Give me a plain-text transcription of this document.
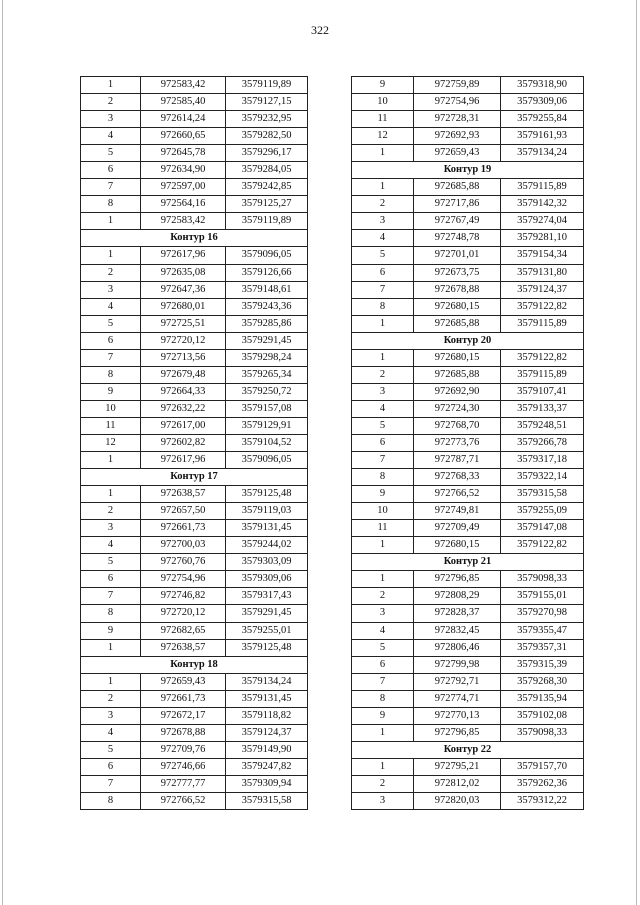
322
1	972583,42	3579119,89
2	972585,40	3579127,15
3	972614,24	3579232,95
4	972660,65	3579282,50
5	972645,78	3579296,17
6	972634,90	3579284,05
7	972597,00	3579242,85
8	972564,16	3579125,27
1	972583,42	3579119,89
Контур 16		
1	972617,96	3579096,05
2	972635,08	3579126,66
3	972647,36	3579148,61
4	972680,01	3579243,36
5	972725,51	3579285,86
6	972720,12	3579291,45
7	972713,56	3579298,24
8	972679,48	3579265,34
9	972664,33	3579250,72
10	972632,22	3579157,08
11	972617,00	3579129,91
12	972602,82	3579104,52
1	972617,96	3579096,05
Контур 17		
1	972638,57	3579125,48
2	972657,50	3579119,03
3	972661,73	3579131,45
4	972700,03	3579244,02
5	972760,76	3579303,09
6	972754,96	3579309,06
7	972746,82	3579317,43
8	972720,12	3579291,45
9	972682,65	3579255,01
1	972638,57	3579125,48
Контур 18		
1	972659,43	3579134,24
2	972661,73	3579131,45
3	972672,17	3579118,82
4	972678,88	3579124,37
5	972709,76	3579149,90
6	972746,66	3579247,82
7	972777,77	3579309,94
8	972766,52	3579315,58
9	972759,89	3579318,90
10	972754,96	3579309,06
11	972728,31	3579255,84
12	972692,93	3579161,93
1	972659,43	3579134,24
Контур 19		
1	972685,88	3579115,89
2	972717,86	3579142,32
3	972767,49	3579274,04
4	972748,78	3579281,10
5	972701,01	3579154,34
6	972673,75	3579131,80
7	972678,88	3579124,37
8	972680,15	3579122,82
1	972685,88	3579115,89
Контур 20		
1	972680,15	3579122,82
2	972685,88	3579115,89
3	972692,90	3579107,41
4	972724,30	3579133,37
5	972768,70	3579248,51
6	972773,76	3579266,78
7	972787,71	3579317,18
8	972768,33	3579322,14
9	972766,52	3579315,58
10	972749,81	3579255,09
11	972709,49	3579147,08
1	972680,15	3579122,82
Контур 21		
1	972796,85	3579098,33
2	972808,29	3579155,01
3	972828,37	3579270,98
4	972832,45	3579355,47
5	972806,46	3579357,31
6	972799,98	3579315,39
7	972792,71	3579268,30
8	972774,71	3579135,94
9	972770,13	3579102,08
1	972796,85	3579098,33
Контур 22		
1	972795,21	3579157,70
2	972812,02	3579262,36
3	972820,03	3579312,22
